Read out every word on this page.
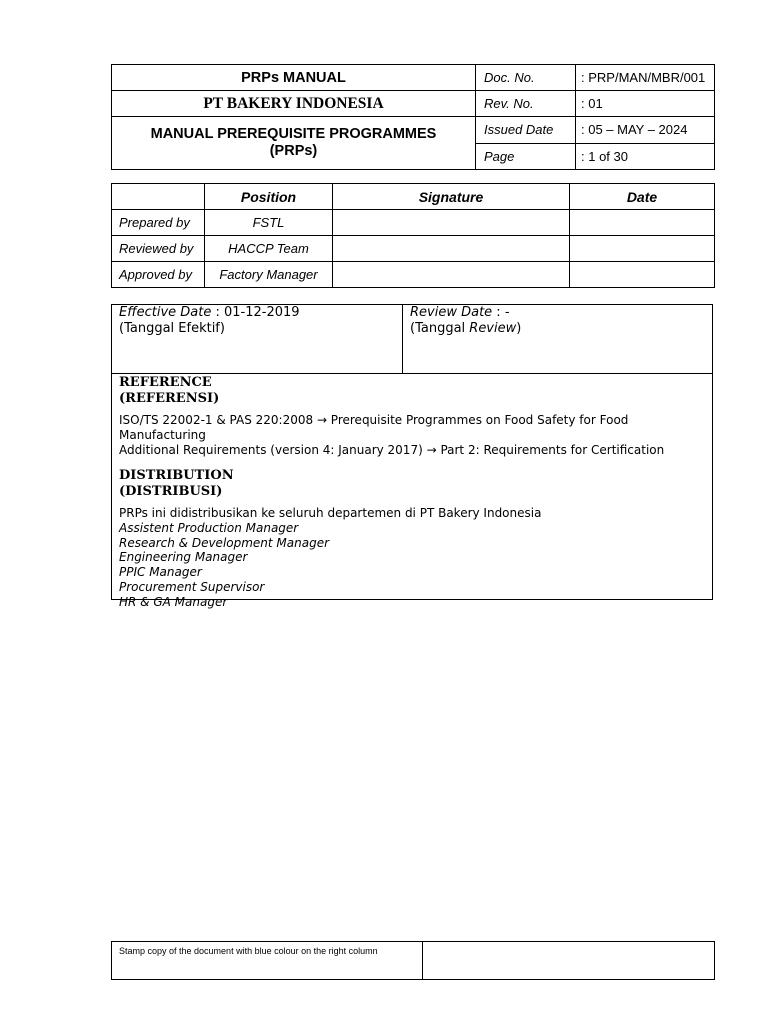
PRPs MANUAL	Doc. No.	: PRP/MAN/MBR/001
PT BAKERY INDONESIA	Rev. No.	: 01

MANUAL PREREQUISITE PROGRAMMES
(PRPs)	Issued Date	: 05 – MAY – 2024
	Page	: 1 of 30
	Position	Signature	Date
Prepared by	FSTL		
Reviewed by	HACCP Team		
Approved by	Factory Manager		
Effective Date : 01-12-2019
(Tanggal Efektif)
Review Date : -
(Tanggal Review)
REFERENCE
(REFERENSI)
ISO/TS 22002-1 & PAS 220:2008 → Prerequisite Programmes on Food Safety for Food Manufacturing
Additional Requirements (version 4: January 2017) → Part 2: Requirements for Certification
DISTRIBUTION
(DISTRIBUSI)
PRPs ini didistribusikan ke seluruh departemen di PT Bakery Indonesia
Assistent Production Manager
Research & Development Manager
Engineering Manager
PPIC Manager
Procurement Supervisor
HR & GA Manager
Stamp copy of the document with blue colour on the right column	
